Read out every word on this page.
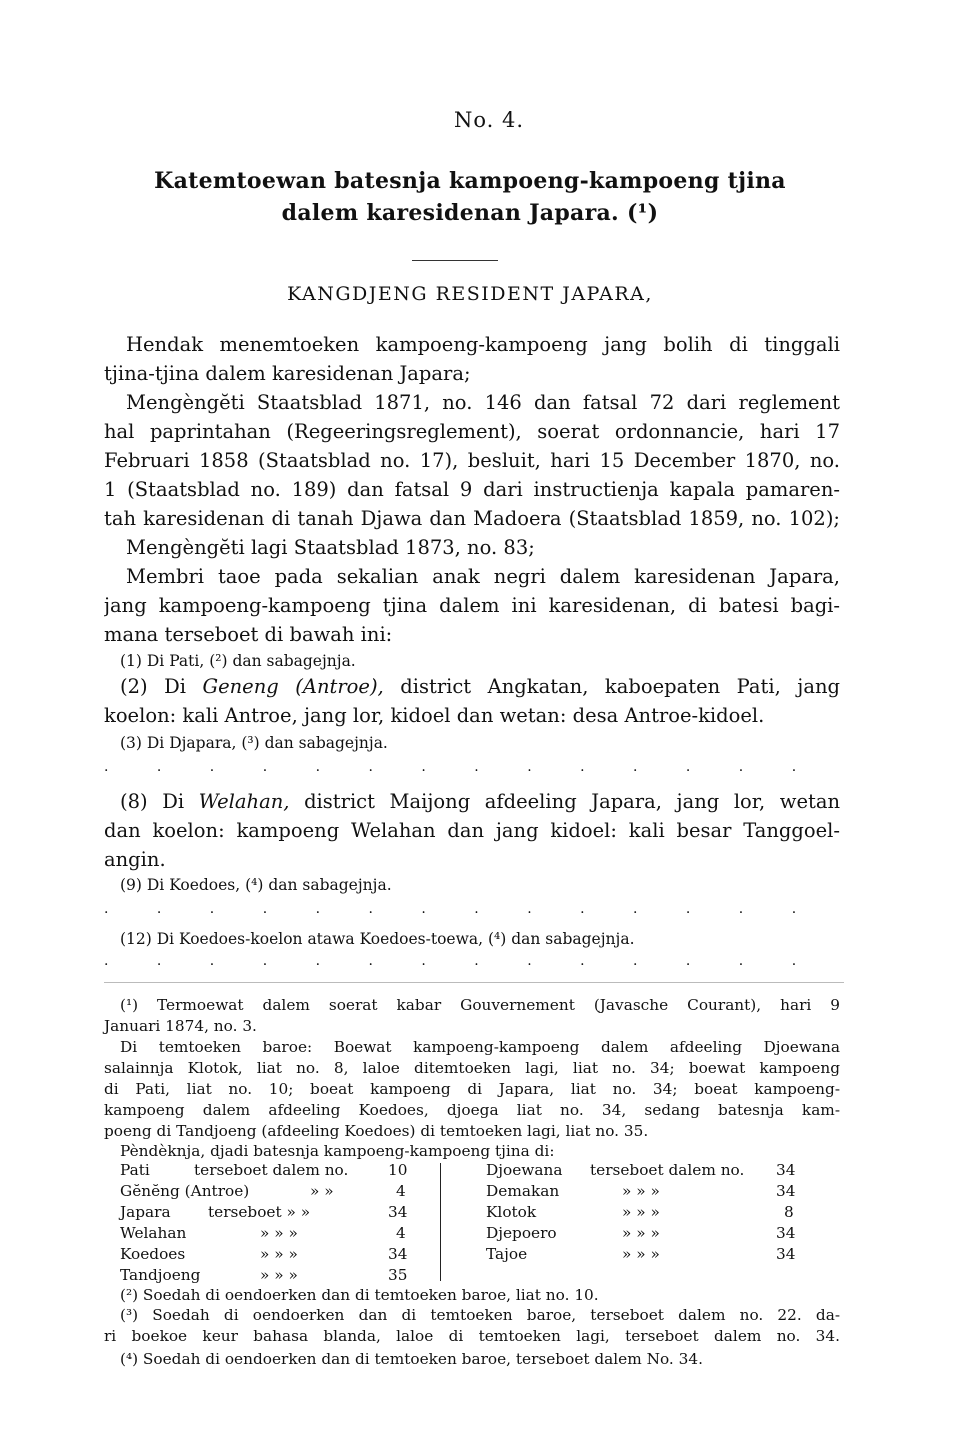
No. 4.

Katemtoewan batesnja kampoeng-kampoeng tjina

dalem karesidenan Japara. (¹)

KANGDJENG RESIDENT JAPARA,

Hendak menemtoeken kampoeng-kampoeng jang bolih di tinggali

tjina-tjina dalem karesidenan Japara;

Mengèngĕti Staatsblad 1871, no. 146 dan fatsal 72 dari reglement

hal paprintahan (Regeeringsreglement), soerat ordonnancie, hari 17

Februari 1858 (Staatsblad no. 17), besluit, hari 15 December 1870, no.

1 (Staatsblad no. 189) dan fatsal 9 dari instructienja kapala pamaren-

tah karesidenan di tanah Djawa dan Madoera (Staatsblad 1859, no. 102);

Mengèngĕti lagi Staatsblad 1873, no. 83;

Membri taoe pada sekalian anak negri dalem karesidenan Japara,

jang kampoeng-kampoeng tjina dalem ini karesidenan, di batesi bagi-

mana terseboet di bawah ini:

(1) Di Pati, (²) dan sabagejnja.

(2) Di Geneng (Antroe), district Angkatan, kaboepaten Pati, jang

koelon: kali Antroe, jang lor, kidoel dan wetan: desa Antroe-kidoel.

(3) Di Djapara, (³) dan sabagejnja.

· · · · · · · · · · · · · ·

(8) Di Welahan, district Maijong afdeeling Japara, jang lor, wetan

dan koelon: kampoeng Welahan dan jang kidoel: kali besar Tanggoel-

angin.

(9) Di Koedoes, (⁴) dan sabagejnja.

· · · · · · · · · · · · · ·

(12) Di Koedoes-koelon atawa Koedoes-toewa, (⁴) dan sabagejnja.

· · · · · · · · · · · · · ·

(¹) Termoewat dalem soerat kabar Gouvernement (Javasche Courant), hari 9

Januari 1874, no. 3.

Di temtoeken baroe: Boewat kampoeng-kampoeng dalem afdeeling Djoewana

salainnja Klotok, liat no. 8, laloe ditemtoeken lagi, liat no. 34; boewat kampoeng

di Pati, liat no. 10; boeat kampoeng di Japara, liat no. 34; boeat kampoeng-

kampoeng dalem afdeeling Koedoes, djoega liat no. 34, sedang batesnja kam-

poeng di Tandjoeng (afdeeling Koedoes) di temtoeken lagi, liat no. 35.

Pèndèknja, djadi batesnja kampoeng-kampoeng tjina di:

Pati	terseboet dalem no.	10
Gĕnĕng (Antroe)	» »	4
Japara terseboet » »	34
Welahan	» » »	4
Koedoes	» » »	34
Tandjoeng	» » »	35
Djoewana terseboet dalem no. 34
Demakan	» » »	34
Klotok	» » »	8
Djepoero	» » »	34
Tajoe	» » »	34

(²) Soedah di oendoerken dan di temtoeken baroe, liat no. 10.

(³) Soedah di oendoerken dan di temtoeken baroe, terseboet dalem no. 22. da-

ri boekoe keur bahasa blanda, laloe di temtoeken lagi, terseboet dalem no. 34.

(⁴) Soedah di oendoerken dan di temtoeken baroe, terseboet dalem No. 34.
